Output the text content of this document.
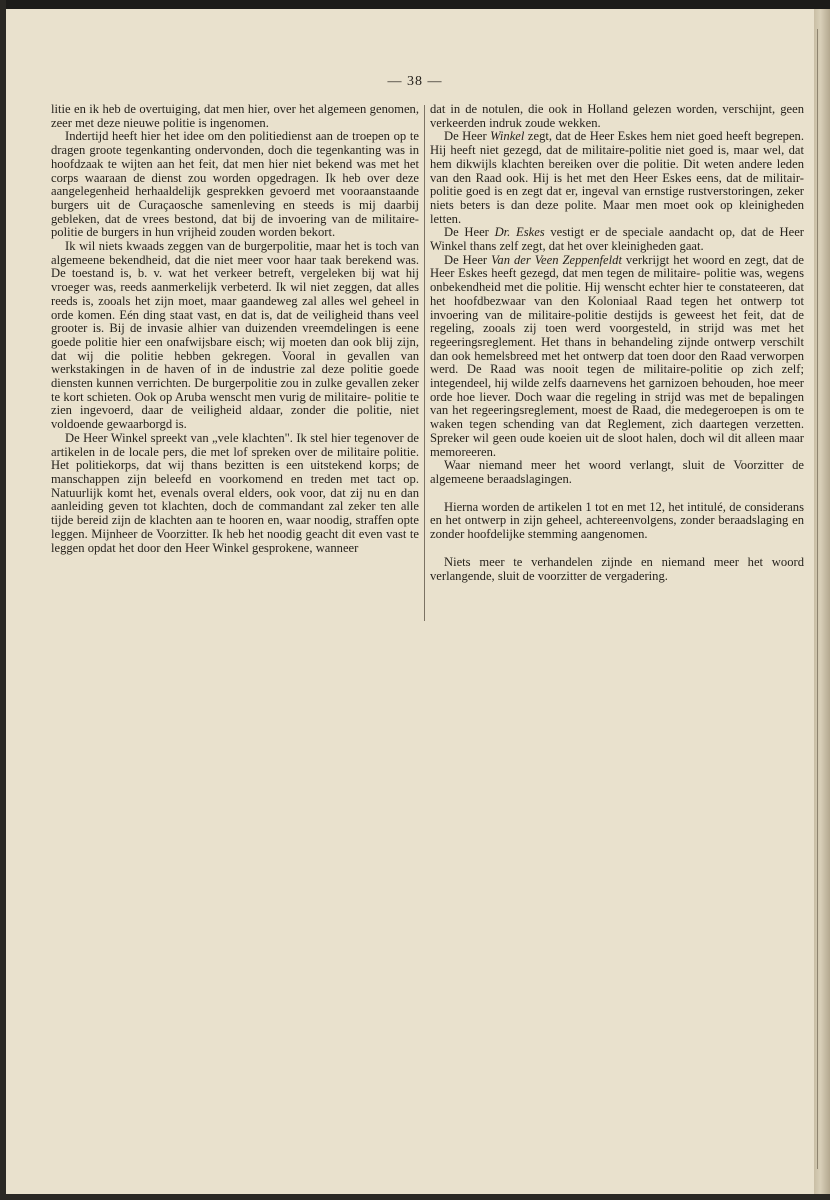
— 38 —

litie en ik heb de overtuiging, dat men hier, over het algemeen genomen, zeer met deze nieuwe politie is ingenomen.

Indertijd heeft hier het idee om den politiedienst aan de troepen op te dragen groote tegenkanting ondervonden, doch die tegenkanting was in hoofdzaak te wijten aan het feit, dat men hier niet bekend was met het corps waaraan de dienst zou worden opgedragen. Ik heb over deze aangelegenheid herhaaldelijk gesprekken gevoerd met vooraanstaande burgers uit de Curaçaosche samenleving en steeds is mij daarbij gebleken, dat de vrees bestond, dat bij de invoering van de militaire-politie de burgers in hun vrijheid zouden worden bekort.

Ik wil niets kwaads zeggen van de burgerpolitie, maar het is toch van algemeene bekendheid, dat die niet meer voor haar taak berekend was. De toestand is, b. v. wat het verkeer betreft, vergeleken bij wat hij vroeger was, reeds aanmerkelijk verbeterd. Ik wil niet zeggen, dat alles reeds is, zooals het zijn moet, maar gaandeweg zal alles wel geheel in orde komen. Eén ding staat vast, en dat is, dat de veiligheid thans veel grooter is. Bij de invasie alhier van duizenden vreemdelingen is eene goede politie hier een onafwijsbare eisch; wij moeten dan ook blij zijn, dat wij die politie hebben gekregen. Vooral in gevallen van werkstakingen in de haven of in de industrie zal deze politie goede diensten kunnen verrichten. De burgerpolitie zou in zulke gevallen zeker te kort schieten. Ook op Aruba wenscht men vurig de militaire- politie te zien ingevoerd, daar de veiligheid aldaar, zonder die politie, niet voldoende gewaarborgd is.

De Heer Winkel spreekt van „vele klachten". Ik stel hier tegenover de artikelen in de locale pers, die met lof spreken over de militaire politie. Het politiekorps, dat wij thans bezitten is een uitstekend korps; de manschappen zijn beleefd en voorkomend en treden met tact op. Natuurlijk komt het, evenals overal elders, ook voor, dat zij nu en dan aanleiding geven tot klachten, doch de commandant zal zeker ten alle tijde bereid zijn de klachten aan te hooren en, waar noodig, straffen opte leggen. Mijnheer de Voorzitter. Ik heb het noodig geacht dit even vast te leggen opdat het door den Heer Winkel gesprokene, wanneer

dat in de notulen, die ook in Holland gelezen worden, verschijnt, geen verkeerden indruk zoude wekken.

De Heer Winkel zegt, dat de Heer Eskes hem niet goed heeft begrepen. Hij heeft niet gezegd, dat de militaire-politie niet goed is, maar wel, dat hem dikwijls klachten bereiken over die politie. Dit weten andere leden van den Raad ook. Hij is het met den Heer Eskes eens, dat de militair-politie goed is en zegt dat er, ingeval van ernstige rustverstoringen, zeker niets beters is dan deze polite. Maar men moet ook op kleinigheden letten.

De Heer Dr. Eskes vestigt er de speciale aandacht op, dat de Heer Winkel thans zelf zegt, dat het over kleinigheden gaat.

De Heer Van der Veen Zeppenfeldt verkrijgt het woord en zegt, dat de Heer Eskes heeft gezegd, dat men tegen de militaire- politie was, wegens onbekendheid met die politie. Hij wenscht echter hier te constateeren, dat het hoofdbezwaar van den Koloniaal Raad tegen het ontwerp tot invoering van de militaire-politie destijds is geweest het feit, dat de regeling, zooals zij toen werd voorgesteld, in strijd was met het regeeringsreglement. Het thans in behandeling zijnde ontwerp verschilt dan ook hemelsbreed met het ontwerp dat toen door den Raad verworpen werd. De Raad was nooit tegen de militaire-politie op zich zelf; integendeel, hij wilde zelfs daarnevens het garnizoen behouden, hoe meer orde hoe liever. Doch waar die regeling in strijd was met de bepalingen van het regeeringsreglement, moest de Raad, die medegeroepen is om te waken tegen schending van dat Reglement, zich daartegen verzetten. Spreker wil geen oude koeien uit de sloot halen, doch wil dit alleen maar memoreeren.

Waar niemand meer het woord verlangt, sluit de Voorzitter de algemeene beraadslagingen.

Hierna worden de artikelen 1 tot en met 12, het intitulé, de considerans en het ontwerp in zijn geheel, achtereenvolgens, zonder beraadslaging en zonder hoofdelijke stemming aangenomen.

Niets meer te verhandelen zijnde en niemand meer het woord verlangende, sluit de voorzitter de vergadering.
